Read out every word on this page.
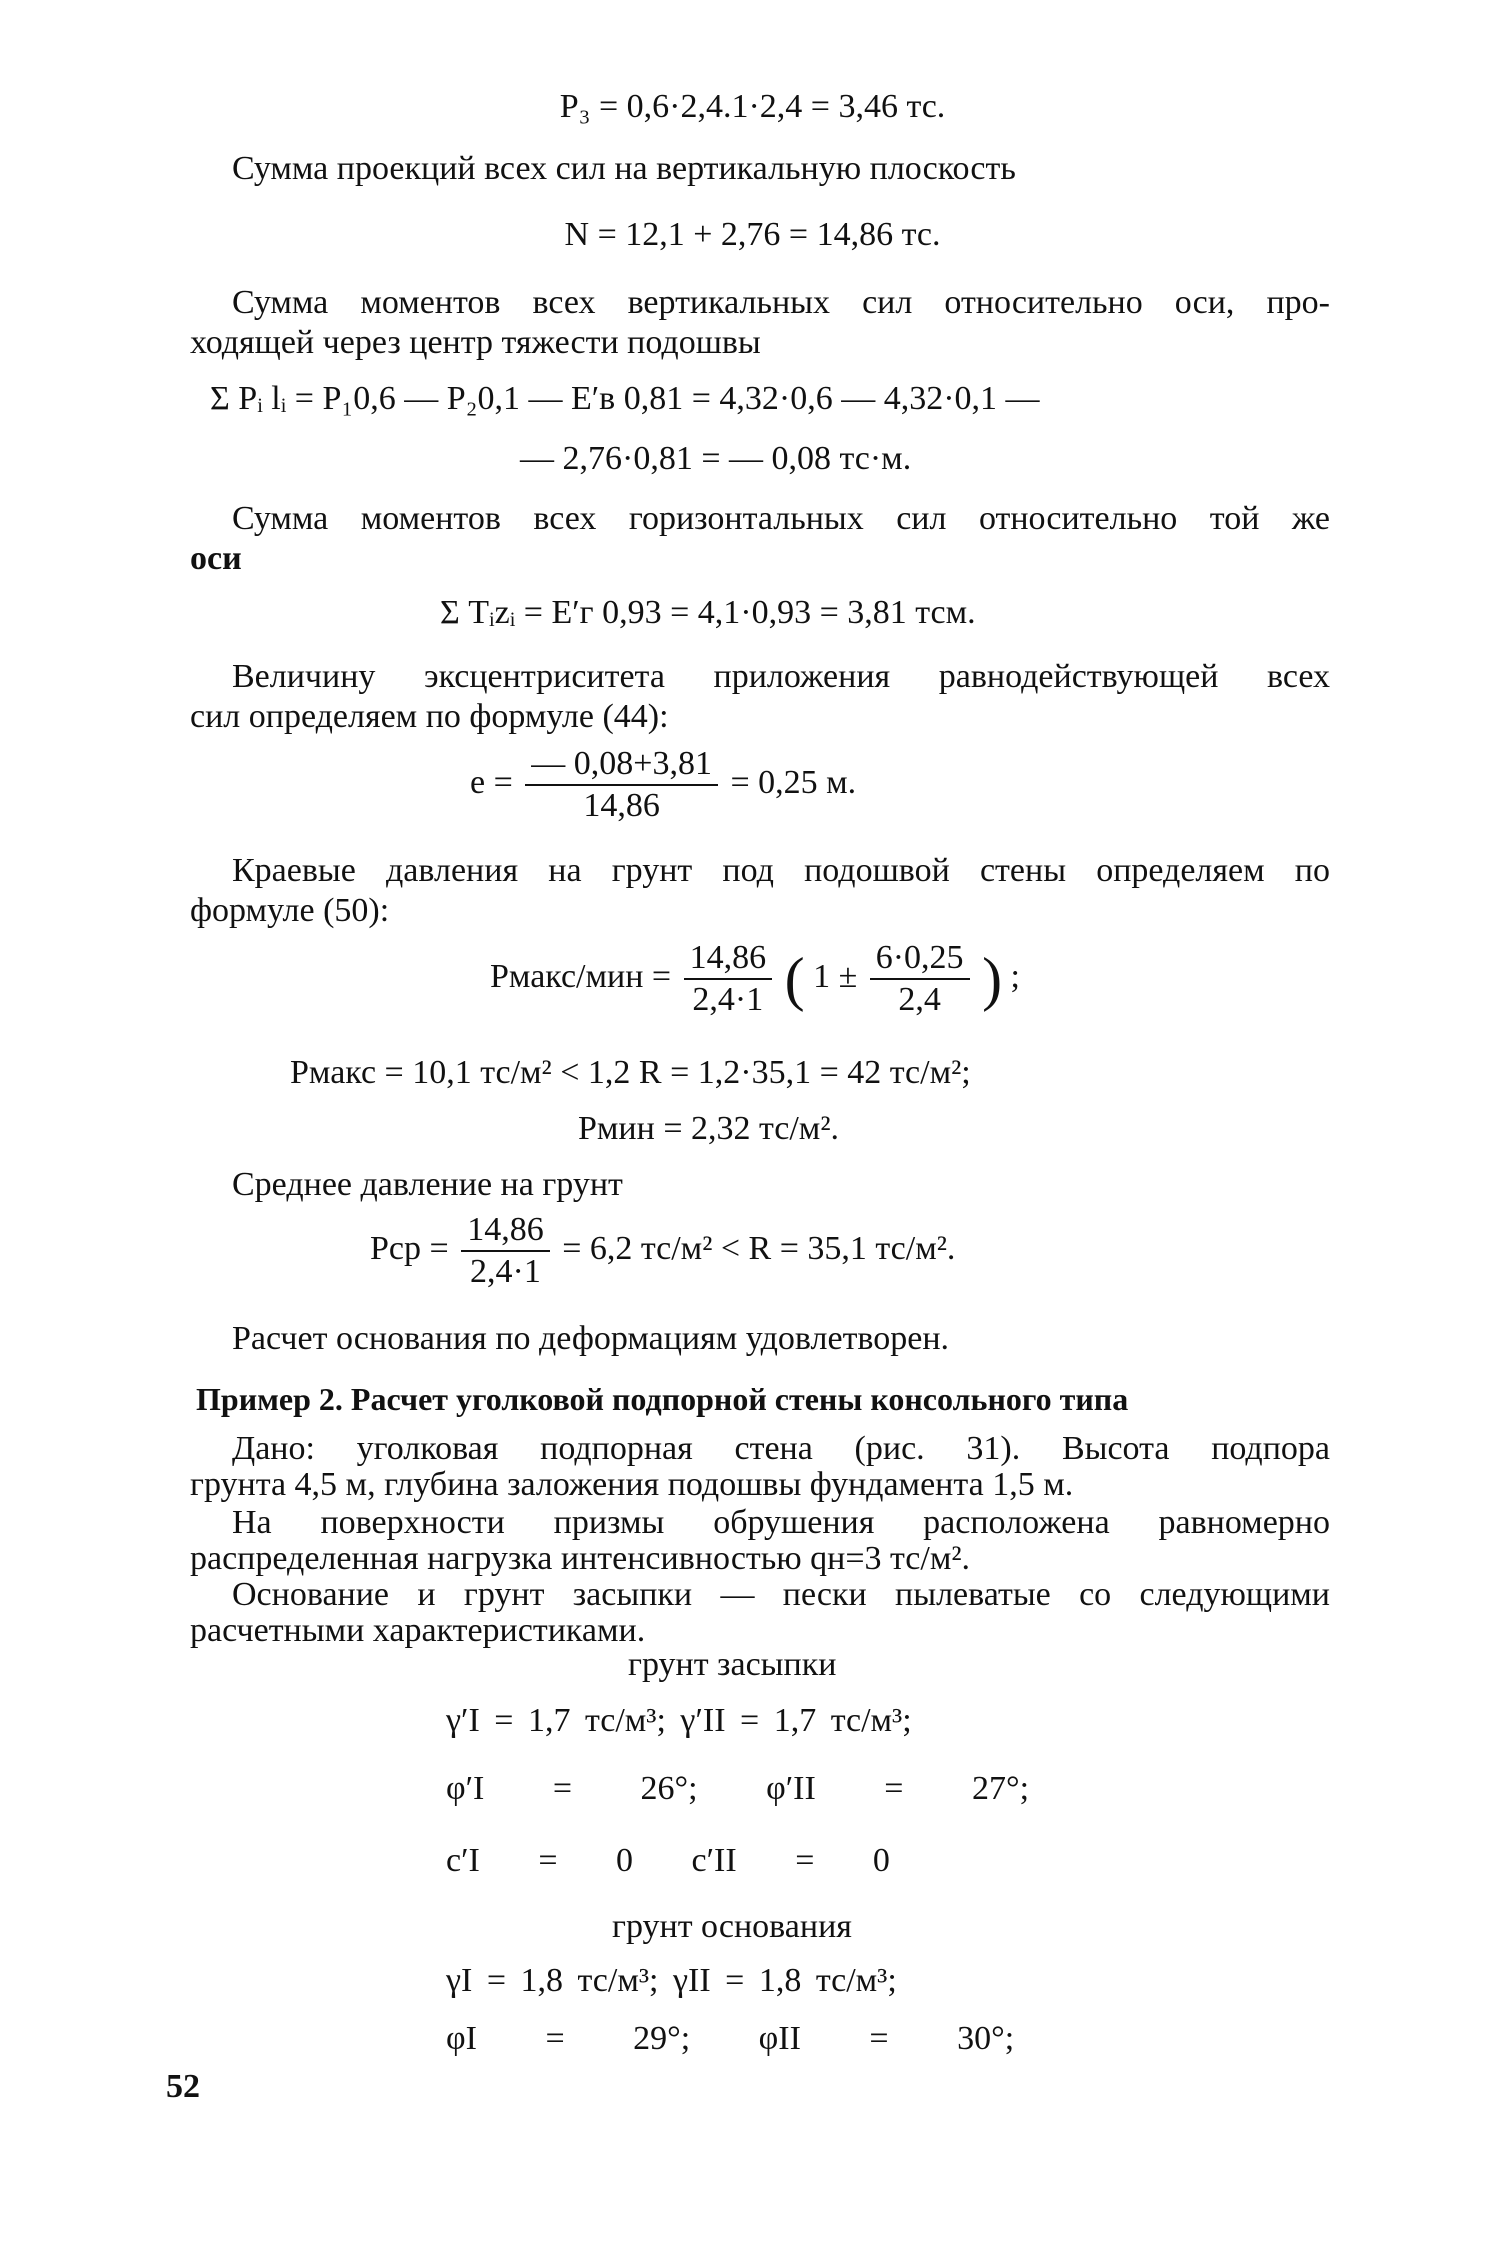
P₃ = 0,6·2,4.1·2,4 = 3,46 тс.
Сумма проекций всех сил на вертикальную плоскость
N = 12,1 + 2,76 = 14,86 тс.
Сумма моментов всех вертикальных сил относительно оси, про-
ходящей через центр тяжести подошвы
Σ Pᵢ lᵢ = P₁0,6 — P₂0,1 — E′в 0,81 = 4,32·0,6 — 4,32·0,1 —
— 2,76·0,81 = — 0,08 тс·м.
Сумма моментов всех горизонтальных сил относительно той же
оси
Σ Tᵢzᵢ = E′г 0,93 = 4,1·0,93 = 3,81 тсм.
Величину эксцентриситета приложения равнодействующей всех
сил определяем по формуле (44):
$e = \frac{— 0,08+3,81}{14,86} = 0,25$ м.
Краевые давления на грунт под подошвой стены определяем по
формуле (50):
Pмакс/мин = $\frac{14,86}{2,4\cdot 1}$ ( $1 \pm \frac{6\cdot 0,25}{2,4}$ ) ;
Pмакс = 10,1 тс/м² < 1,2 R = 1,2·35,1 = 42 тс/м²;
Pмин = 2,32 тс/м².
Среднее давление на грунт
Pср = $\frac{14,86}{2,4\cdot 1} = 6,2$ тс/м² < R = 35,1 тс/м².
Расчет основания по деформациям удовлетворен.
Пример 2. Расчет уголковой подпорной стены консольного типа
Дано: уголковая подпорная стена (рис. 31). Высота подпора
грунта 4,5 м, глубина заложения подошвы фундамента 1,5 м.
На поверхности призмы обрушения расположена равномерно
распределенная нагрузка интенсивностью qн=3 тс/м².
Основание и грунт засыпки — пески пылеватые со следующими
расчетными характеристиками.
грунт засыпки
γ′I = 1,7 тс/м³; γ′II = 1,7 тс/м³;
φ′I = 26°; φ′II = 27°;
c′I = 0 c′II = 0
грунт основания
γI = 1,8 тс/м³; γII = 1,8 тс/м³;
φI = 29°; φII = 30°;
52
